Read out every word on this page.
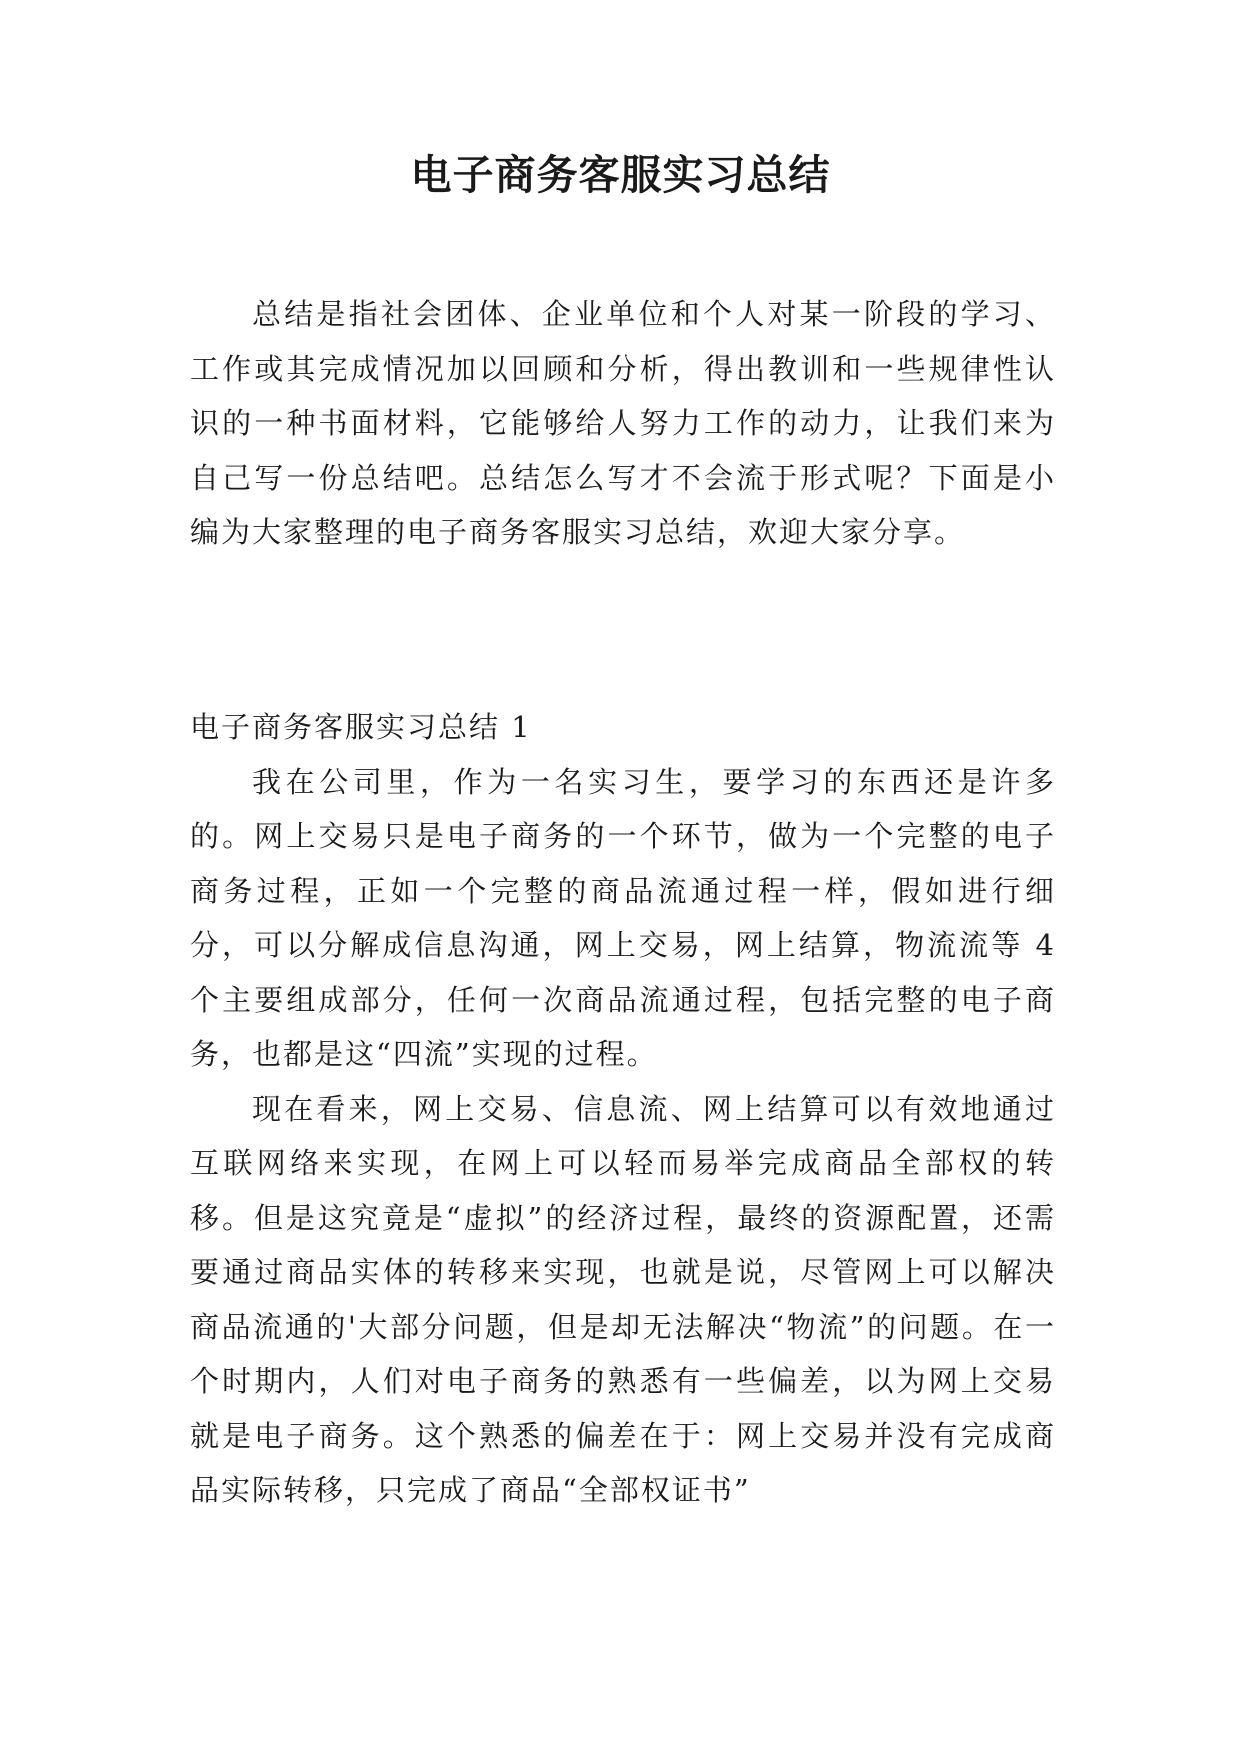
电子商务客服实习总结

总结是指社会团体、企业单位和个人对某一阶段的学习、工作或其完成情况加以回顾和分析，得出教训和一些规律性认识的一种书面材料，它能够给人努力工作的动力，让我们来为自己写一份总结吧。总结怎么写才不会流于形式呢？下面是小编为大家整理的电子商务客服实习总结，欢迎大家分享。

电子商务客服实习总结 1

我在公司里，作为一名实习生，要学习的东西还是许多的。网上交易只是电子商务的一个环节，做为一个完整的电子商务过程，正如一个完整的商品流通过程一样，假如进行细分，可以分解成信息沟通，网上交易，网上结算，物流流等 4 个主要组成部分，任何一次商品流通过程，包括完整的电子商务，也都是这“四流”实现的过程。

现在看来，网上交易、信息流、网上结算可以有效地通过互联网络来实现，在网上可以轻而易举完成商品全部权的转移。但是这究竟是“虚拟”的经济过程，最终的资源配置，还需要通过商品实体的转移来实现，也就是说，尽管网上可以解决商品流通的'大部分问题，但是却无法解决“物流”的问题。在一个时期内，人们对电子商务的熟悉有一些偏差，以为网上交易就是电子商务。这个熟悉的偏差在于：网上交易并没有完成商品实际转移，只完成了商品“全部权证书”
